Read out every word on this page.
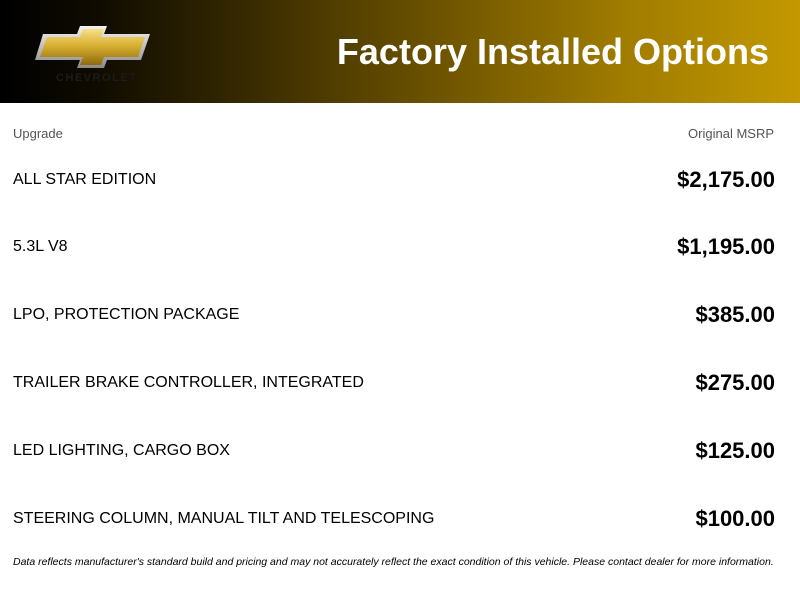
CHEVROLET
Factory Installed Options
Upgrade	Original MSRP
ALL STAR EDITION	$2,175.00
5.3L V8	$1,195.00
LPO, PROTECTION PACKAGE	$385.00
TRAILER BRAKE CONTROLLER, INTEGRATED	$275.00
LED LIGHTING, CARGO BOX	$125.00
STEERING COLUMN, MANUAL TILT AND TELESCOPING	$100.00
Data reflects manufacturer's standard build and pricing and may not accurately reflect the exact condition of this vehicle. Please contact dealer for more information.
